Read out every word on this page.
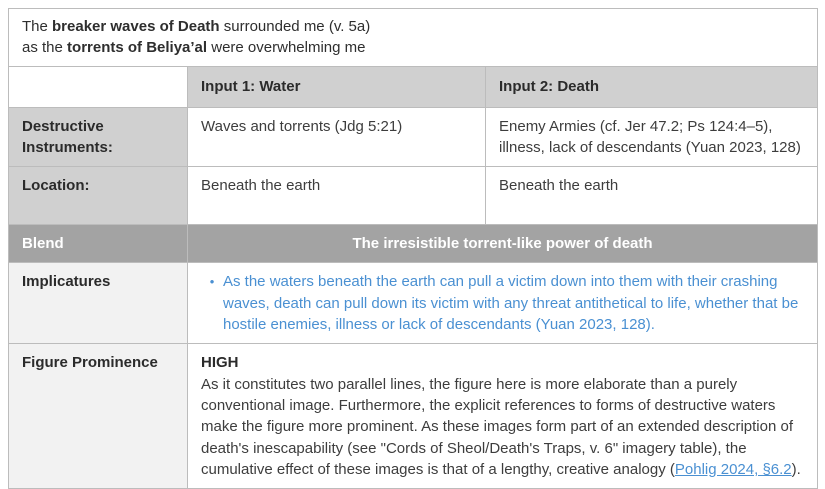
The breaker waves of Death surrounded me (v. 5a)
as the torrents of Beliya’al were overwhelming me		

	Input 1: Water	Input 2: Death
Destructive Instruments:	Waves and torrents (Jdg 5:21)	Enemy Armies (cf. Jer 47.2; Ps 124:4–5), illness, lack of descendants (Yuan 2023, 128)
Location:	Beneath the earth	Beneath the earth
Blend	The irresistible torrent-like power of death	
Implicatures	• As the waters beneath the earth can pull a victim down into them with their crashing waves, death can pull down its victim with any threat antithetical to life, whether that be hostile enemies, illness or lack of descendants (Yuan 2023, 128).	

Figure Prominence	HIGH
As it constitutes two parallel lines, the figure here is more elaborate than a purely conventional image. Furthermore, the explicit references to forms of destructive waters make the figure more prominent. As these images form part of an extended description of death's inescapability (see "Cords of Sheol/Death's Traps, v. 6" imagery table), the cumulative effect of these images is that of a lengthy, creative analogy (Pohlig 2024, §6.2).	
